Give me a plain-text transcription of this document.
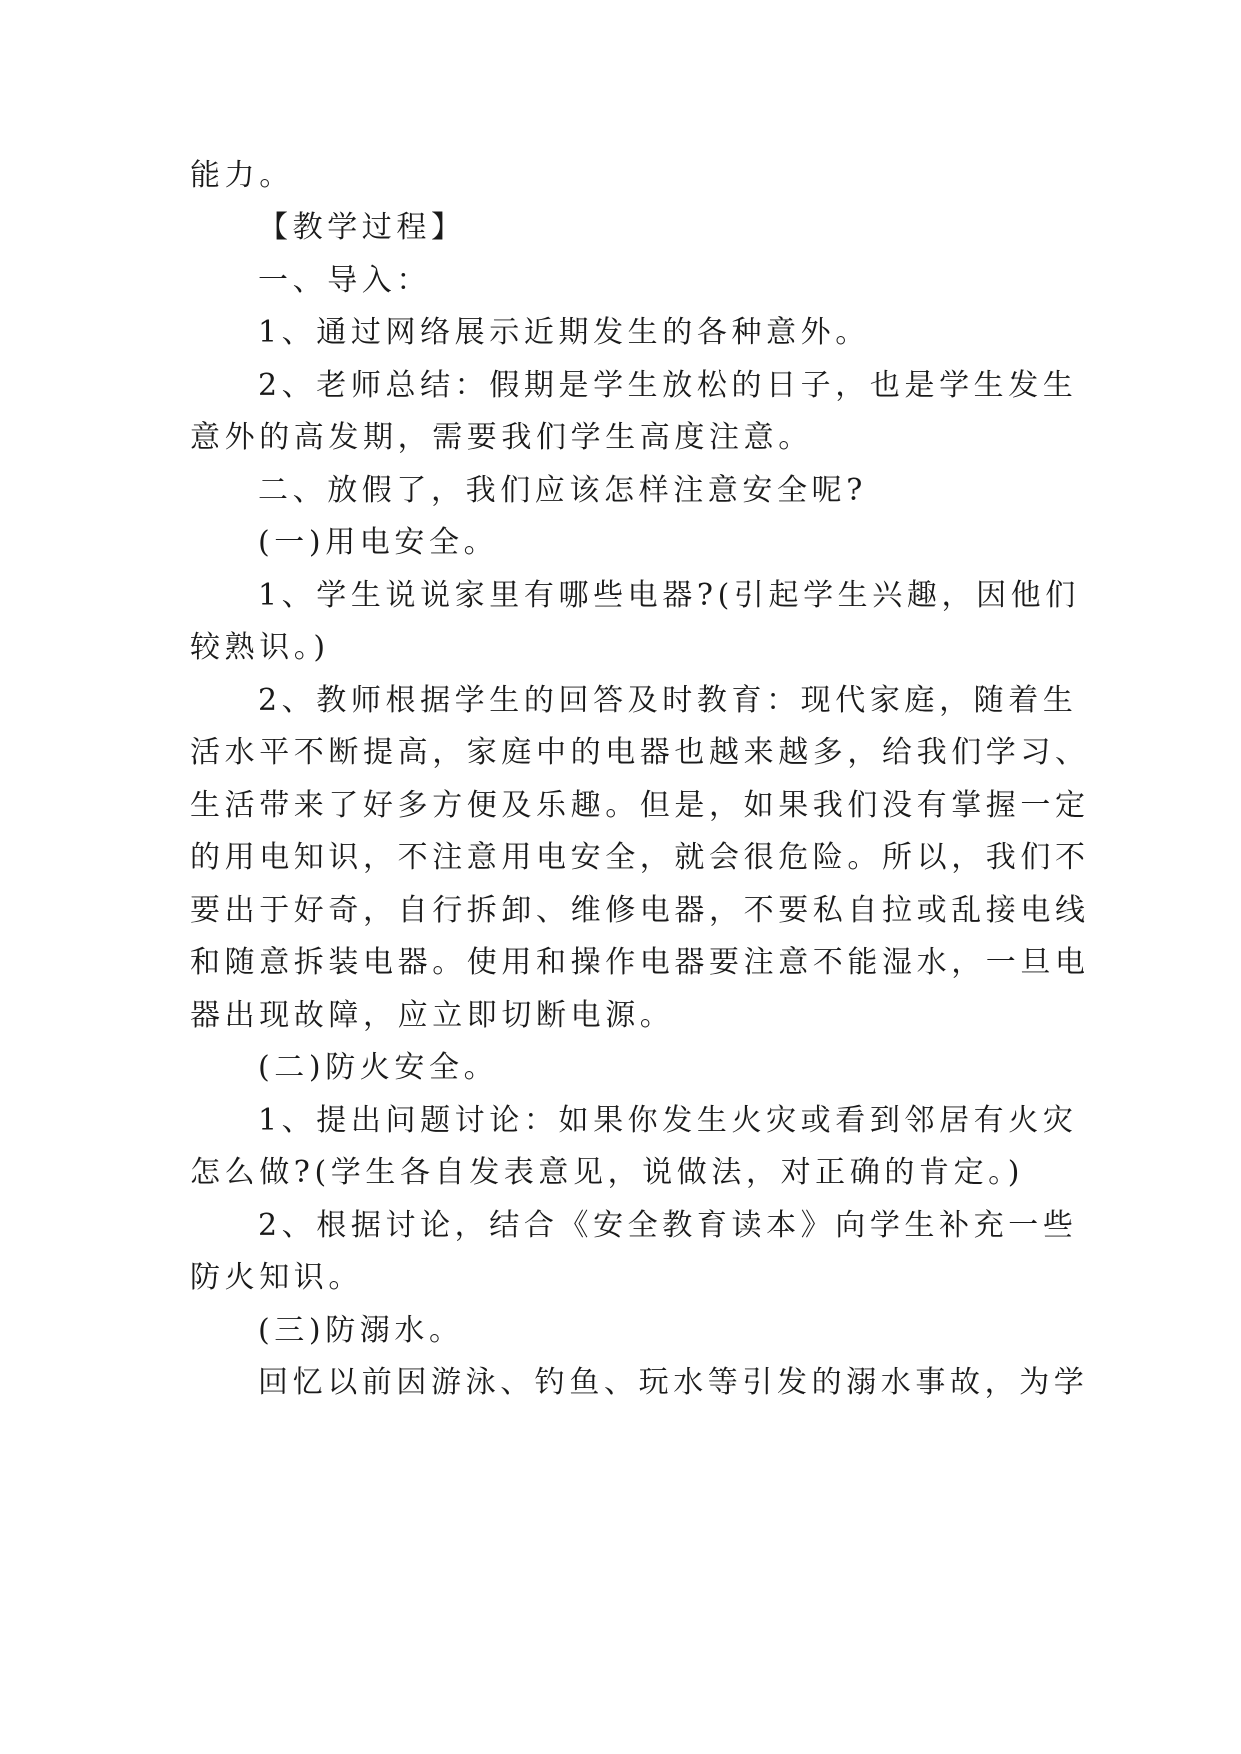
能力。
【教学过程】
一、导入：
1、通过网络展示近期发生的各种意外。
2、老师总结：假期是学生放松的日子，也是学生发生
意外的高发期，需要我们学生高度注意。
二、放假了，我们应该怎样注意安全呢?
(一)用电安全。
1、学生说说家里有哪些电器?(引起学生兴趣，因他们
较熟识。)
2、教师根据学生的回答及时教育：现代家庭，随着生
活水平不断提高，家庭中的电器也越来越多，给我们学习、
生活带来了好多方便及乐趣。但是，如果我们没有掌握一定
的用电知识，不注意用电安全，就会很危险。所以，我们不
要出于好奇，自行拆卸、维修电器，不要私自拉或乱接电线
和随意拆装电器。使用和操作电器要注意不能湿水，一旦电
器出现故障，应立即切断电源。
(二)防火安全。
1、提出问题讨论：如果你发生火灾或看到邻居有火灾
怎么做?(学生各自发表意见，说做法，对正确的肯定。)
2、根据讨论，结合《安全教育读本》向学生补充一些
防火知识。
(三)防溺水。
回忆以前因游泳、钓鱼、玩水等引发的溺水事故，为学
